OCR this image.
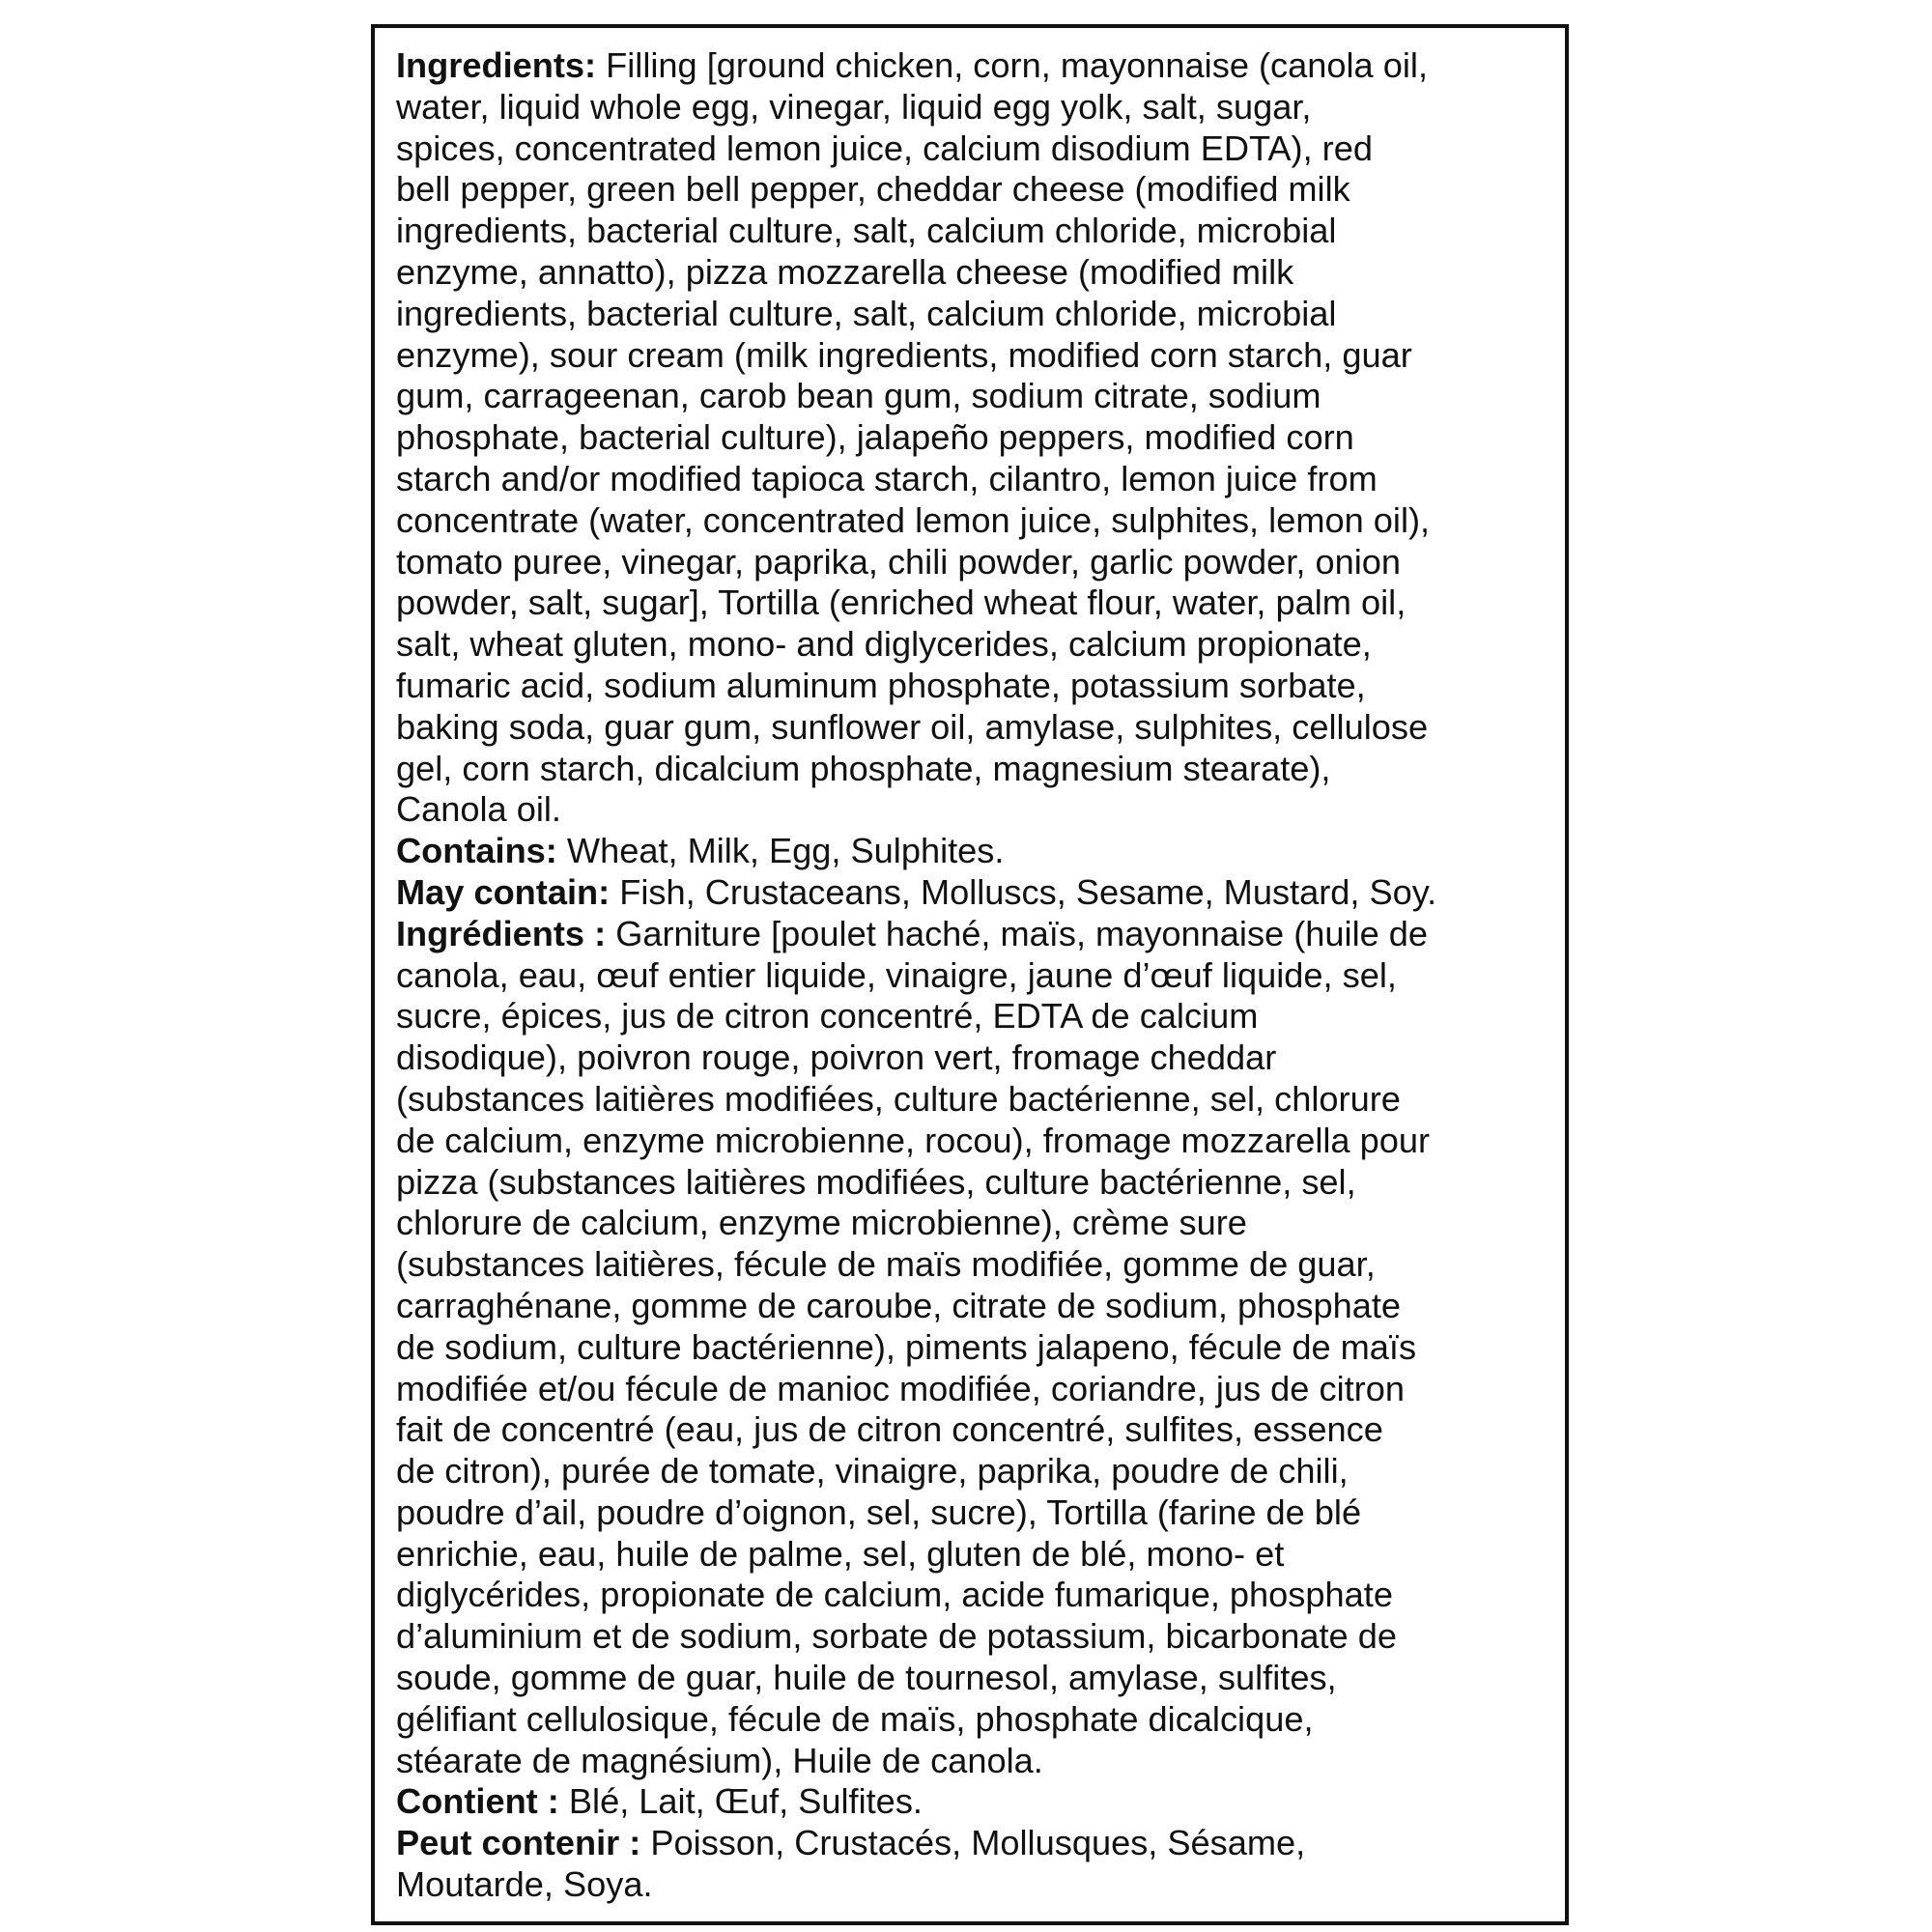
Ingredients: Filling [ground chicken, corn, mayonnaise (canola oil,
water, liquid whole egg, vinegar, liquid egg yolk, salt, sugar,
spices, concentrated lemon juice, calcium disodium EDTA), red
bell pepper, green bell pepper, cheddar cheese (modified milk
ingredients, bacterial culture, salt, calcium chloride, microbial
enzyme, annatto), pizza mozzarella cheese (modified milk
ingredients, bacterial culture, salt, calcium chloride, microbial
enzyme), sour cream (milk ingredients, modified corn starch, guar
gum, carrageenan, carob bean gum, sodium citrate, sodium
phosphate, bacterial culture), jalapeño peppers, modified corn
starch and/or modified tapioca starch, cilantro, lemon juice from
concentrate (water, concentrated lemon juice, sulphites, lemon oil),
tomato puree, vinegar, paprika, chili powder, garlic powder, onion
powder, salt, sugar], Tortilla (enriched wheat flour, water, palm oil,
salt, wheat gluten, mono- and diglycerides, calcium propionate,
fumaric acid, sodium aluminum phosphate, potassium sorbate,
baking soda, guar gum, sunflower oil, amylase, sulphites, cellulose
gel, corn starch, dicalcium phosphate, magnesium stearate),
Canola oil.
Contains: Wheat, Milk, Egg, Sulphites.
May contain: Fish, Crustaceans, Molluscs, Sesame, Mustard, Soy.
Ingrédients : Garniture [poulet haché, maïs, mayonnaise (huile de
canola, eau, œuf entier liquide, vinaigre, jaune d’œuf liquide, sel,
sucre, épices, jus de citron concentré, EDTA de calcium
disodique), poivron rouge, poivron vert, fromage cheddar
(substances laitières modifiées, culture bactérienne, sel, chlorure
de calcium, enzyme microbienne, rocou), fromage mozzarella pour
pizza (substances laitières modifiées, culture bactérienne, sel,
chlorure de calcium, enzyme microbienne), crème sure
(substances laitières, fécule de maïs modifiée, gomme de guar,
carraghénane, gomme de caroube, citrate de sodium, phosphate
de sodium, culture bactérienne), piments jalapeno, fécule de maïs
modifiée et/ou fécule de manioc modifiée, coriandre, jus de citron
fait de concentré (eau, jus de citron concentré, sulfites, essence
de citron), purée de tomate, vinaigre, paprika, poudre de chili,
poudre d’ail, poudre d’oignon, sel, sucre), Tortilla (farine de blé
enrichie, eau, huile de palme, sel, gluten de blé, mono- et
diglycérides, propionate de calcium, acide fumarique, phosphate
d’aluminium et de sodium, sorbate de potassium, bicarbonate de
soude, gomme de guar, huile de tournesol, amylase, sulfites,
gélifiant cellulosique, fécule de maïs, phosphate dicalcique,
stéarate de magnésium), Huile de canola.
Contient : Blé, Lait, Œuf, Sulfites.
Peut contenir : Poisson, Crustacés, Mollusques, Sésame,
Moutarde, Soya.
